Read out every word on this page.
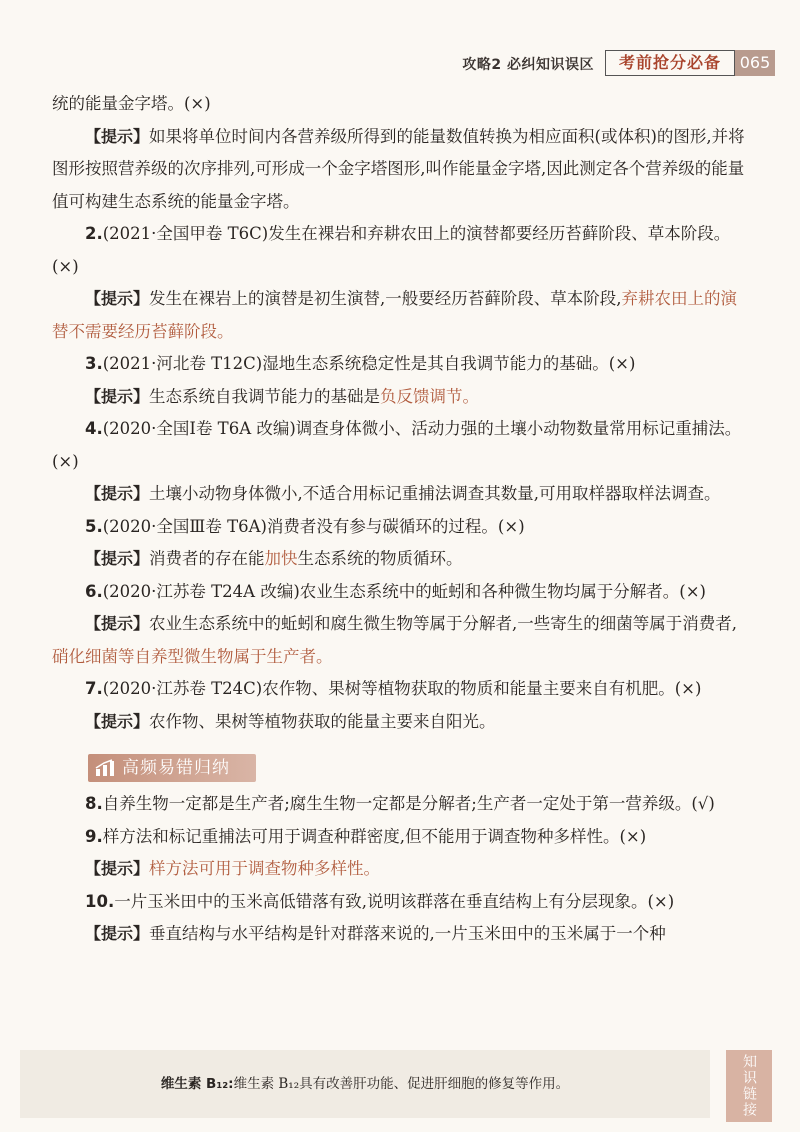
攻略2 必纠知识误区	考前抢分必备	065

统的能量金字塔。(×)

【提示】如果将单位时间内各营养级所得到的能量数值转换为相应面积(或体积)的图形,并将图形按照营养级的次序排列,可形成一个金字塔图形,叫作能量金字塔,因此测定各个营养级的能量值可构建生态系统的能量金字塔。

2.(2021·全国甲卷 T6C)发生在裸岩和弃耕农田上的演替都要经历苔藓阶段、草本阶段。(×)

【提示】发生在裸岩上的演替是初生演替,一般要经历苔藓阶段、草本阶段,弃耕农田上的演替不需要经历苔藓阶段。

3.(2021·河北卷 T12C)湿地生态系统稳定性是其自我调节能力的基础。(×)

【提示】生态系统自我调节能力的基础是负反馈调节。

4.(2020·全国Ⅰ卷 T6A 改编)调查身体微小、活动力强的土壤小动物数量常用标记重捕法。(×)

【提示】土壤小动物身体微小,不适合用标记重捕法调查其数量,可用取样器取样法调查。

5.(2020·全国Ⅲ卷 T6A)消费者没有参与碳循环的过程。(×)

【提示】消费者的存在能加快生态系统的物质循环。

6.(2020·江苏卷 T24A 改编)农业生态系统中的蚯蚓和各种微生物均属于分解者。(×)

【提示】农业生态系统中的蚯蚓和腐生微生物等属于分解者,一些寄生的细菌等属于消费者,硝化细菌等自养型微生物属于生产者。

7.(2020·江苏卷 T24C)农作物、果树等植物获取的物质和能量主要来自有机肥。(×)

【提示】农作物、果树等植物获取的能量主要来自阳光。

高频易错归纳

8.自养生物一定都是生产者;腐生生物一定都是分解者;生产者一定处于第一营养级。(√)

9.样方法和标记重捕法可用于调查种群密度,但不能用于调查物种多样性。(×)

【提示】样方法可用于调查物种多样性。

10.一片玉米田中的玉米高低错落有致,说明该群落在垂直结构上有分层现象。(×)

【提示】垂直结构与水平结构是针对群落来说的,一片玉米田中的玉米属于一个种

维生素 B₁₂:维生素 B₁₂具有改善肝功能、促进肝细胞的修复等作用。	知识链接
